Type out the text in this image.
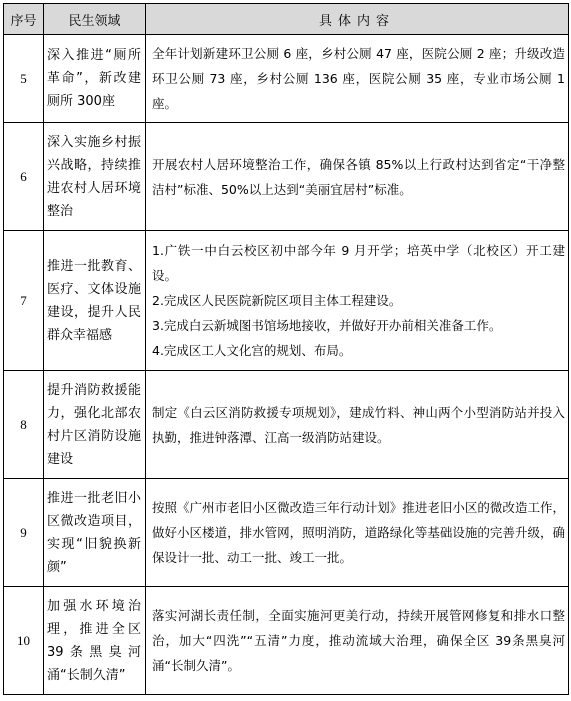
序号	民生领域	具体内容
5	深入推进“厕所革命”，新改建厕所 300座	全年计划新建环卫公厕 6 座，乡村公厕 47 座，医院公厕 2 座；升级改造环卫公厕 73 座，乡村公厕 136 座，医院公厕 35 座，专业市场公厕 1 座。
6	深入实施乡村振兴战略，持续推进农村人居环境整治	开展农村人居环境整治工作，确保各镇 85%以上行政村达到省定“干净整洁村”标准、50%以上达到“美丽宜居村”标准。
7	推进一批教育、医疗、文体设施建设，提升人民群众幸福感	1.广铁一中白云校区初中部今年 9 月开学；培英中学（北校区）开工建设。
2.完成区人民医院新院区项目主体工程建设。
3.完成白云新城图书馆场地接收，并做好开办前相关准备工作。
4.完成区工人文化宫的规划、布局。

8	提升消防救援能力，强化北部农村片区消防设施建设	制定《白云区消防救援专项规划》，建成竹料、神山两个小型消防站并投入执勤，推进钟落潭、江高一级消防站建设。
9	推进一批老旧小区微改造项目，实现“旧貌换新颜”	按照《广州市老旧小区微改造三年行动计划》推进老旧小区的微改造工作，做好小区楼道，排水管网，照明消防，道路绿化等基础设施的完善升级，确保设计一批、动工一批、竣工一批。
10	加强水环境治理，推进全区 39条黑臭河涌“长制久清”	落实河湖长责任制，全面实施河更美行动，持续开展管网修复和排水口整治，加大“四洗”“五清”力度，推动流域大治理，确保全区 39条黑臭河涌“长制久清”。
